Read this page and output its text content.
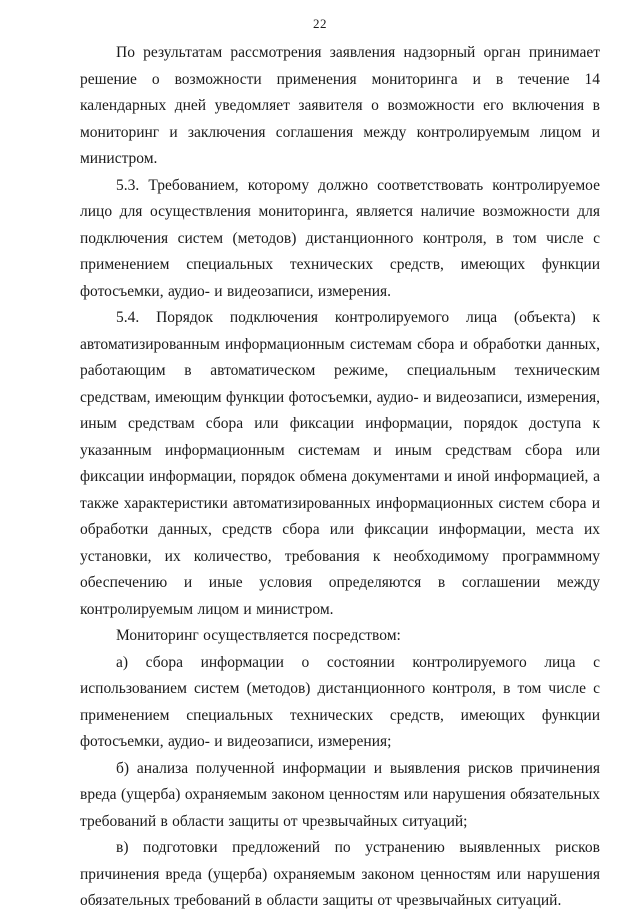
22

По результатам рассмотрения заявления надзорный орган принимает решение о возможности применения мониторинга и в течение 14 календарных дней уведомляет заявителя о возможности его включения в мониторинг и заключения соглашения между контролируемым лицом и министром.

5.3. Требованием, которому должно соответствовать контролируемое лицо для осуществления мониторинга, является наличие возможности для подключения систем (методов) дистанционного контроля, в том числе с применением специальных технических средств, имеющих функции фотосъемки, аудио- и видеозаписи, измерения.

5.4. Порядок подключения контролируемого лица (объекта) к автоматизированным информационным системам сбора и обработки данных, работающим в автоматическом режиме, специальным техническим средствам, имеющим функции фотосъемки, аудио- и видеозаписи, измерения, иным средствам сбора или фиксации информации, порядок доступа к указанным информационным системам и иным средствам сбора или фиксации информации, порядок обмена документами и иной информацией, а также характеристики автоматизированных информационных систем сбора и обработки данных, средств сбора или фиксации информации, места их установки, их количество, требования к необходимому программному обеспечению и иные условия определяются в соглашении между контролируемым лицом и министром.

Мониторинг осуществляется посредством:

а) сбора информации о состоянии контролируемого лица с использованием систем (методов) дистанционного контроля, в том числе с применением специальных технических средств, имеющих функции фотосъемки, аудио- и видеозаписи, измерения;

б) анализа полученной информации и выявления рисков причинения вреда (ущерба) охраняемым законом ценностям или нарушения обязательных требований в области защиты от чрезвычайных ситуаций;

в) подготовки предложений по устранению выявленных рисков причинения вреда (ущерба) охраняемым законом ценностям или нарушения обязательных требований в области защиты от чрезвычайных ситуаций.
